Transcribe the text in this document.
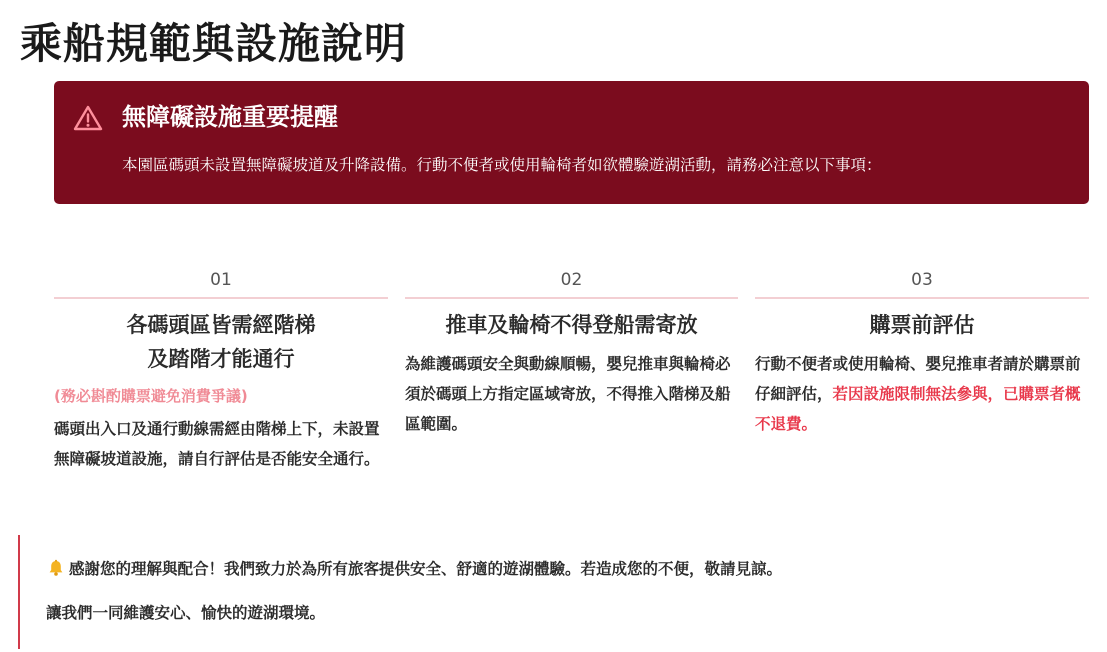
乘船規範與設施說明
無障礙設施重要提醒
本園區碼頭未設置無障礙坡道及升降設備。行動不便者或使用輪椅者如欲體驗遊湖活動，請務必注意以下事項：
01
各碼頭區皆需經階梯
及踏階才能通行
(務必斟酌購票避免消費爭議)
碼頭出入口及通行動線需經由階梯上下，未設置無障礙坡道設施，請自行評估是否能安全通行。
02
推車及輪椅不得登船需寄放
為維護碼頭安全與動線順暢，嬰兒推車與輪椅必須於碼頭上方指定區域寄放，不得推入階梯及船區範圍。
03
購票前評估
行動不便者或使用輪椅、嬰兒推車者請於購票前仔細評估，若因設施限制無法參與，已購票者概不退費。
感謝您的理解與配合！我們致力於為所有旅客提供安全、舒適的遊湖體驗。若造成您的不便，敬請見諒。
讓我們一同維護安心、愉快的遊湖環境。
